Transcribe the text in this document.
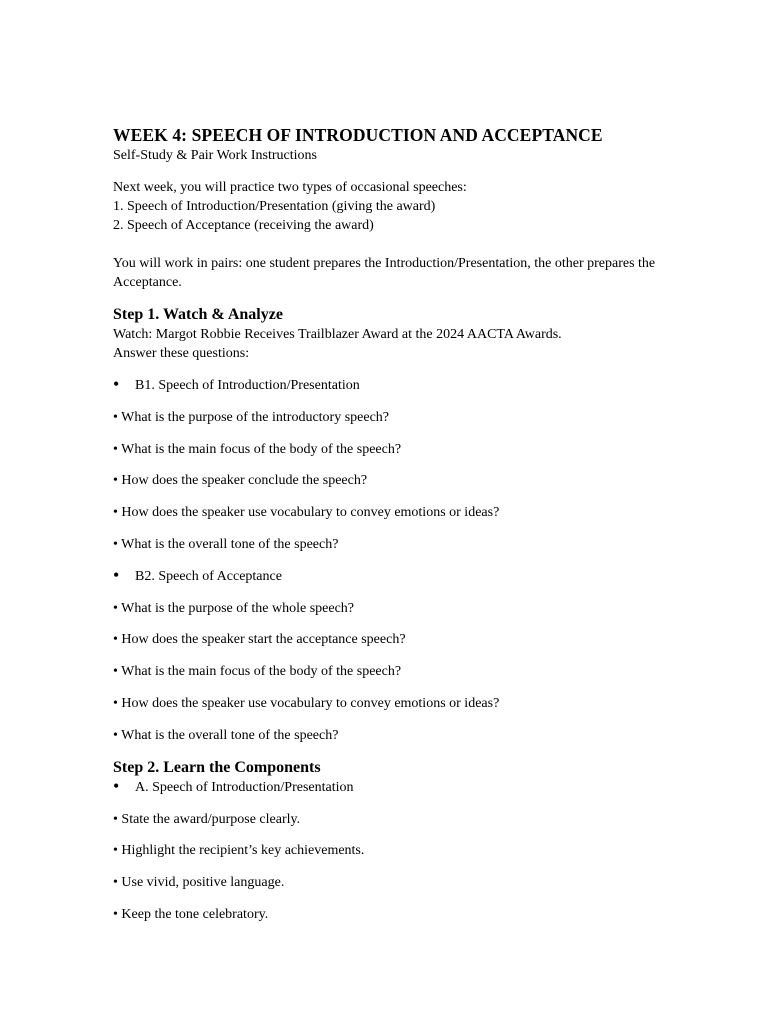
WEEK 4: SPEECH OF INTRODUCTION AND ACCEPTANCE

Self-Study & Pair Work Instructions

Next week, you will practice two types of occasional speeches:

1. Speech of Introduction/Presentation (giving the award)

2. Speech of Acceptance (receiving the award)

You will work in pairs: one student prepares the Introduction/Presentation, the other prepares the Acceptance.

Step 1. Watch & Analyze

Watch: Margot Robbie Receives Trailblazer Award at the 2024 AACTA Awards.

Answer these questions:

• B1. Speech of Introduction/Presentation

• What is the purpose of the introductory speech?

• What is the main focus of the body of the speech?

• How does the speaker conclude the speech?

• How does the speaker use vocabulary to convey emotions or ideas?

• What is the overall tone of the speech?

• B2. Speech of Acceptance

• What is the purpose of the whole speech?

• How does the speaker start the acceptance speech?

• What is the main focus of the body of the speech?

• How does the speaker use vocabulary to convey emotions or ideas?

• What is the overall tone of the speech?

Step 2. Learn the Components
• A. Speech of Introduction/Presentation

• State the award/purpose clearly.

• Highlight the recipient’s key achievements.

• Use vivid, positive language.

• Keep the tone celebratory.
